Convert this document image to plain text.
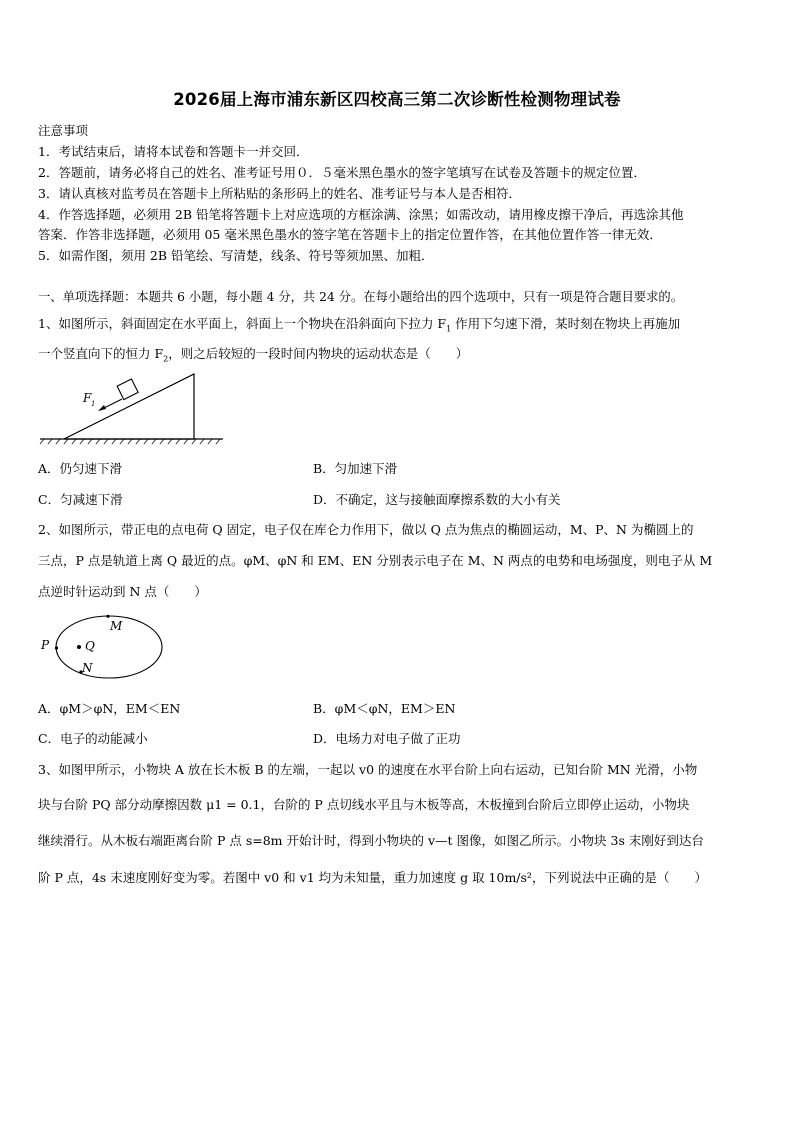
2026届上海市浦东新区四校高三第二次诊断性检测物理试卷
注意事项
1．考试结束后，请将本试卷和答题卡一并交回．
2．答题前，请务必将自己的姓名、准考证号用０．５毫米黑色墨水的签字笔填写在试卷及答题卡的规定位置．
3．请认真核对监考员在答题卡上所粘贴的条形码上的姓名、准考证号与本人是否相符．
4．作答选择题，必须用 2B 铅笔将答题卡上对应选项的方框涂满、涂黑；如需改动，请用橡皮擦干净后，再选涂其他
答案．作答非选择题，必须用 05 毫米黑色墨水的签字笔在答题卡上的指定位置作答，在其他位置作答一律无效．
5．如需作图，须用 2B 铅笔绘、写清楚，线条、符号等须加黑、加粗．
一、单项选择题：本题共 6 小题，每小题 4 分，共 24 分。在每小题给出的四个选项中，只有一项是符合题目要求的。
1、如图所示，斜面固定在水平面上，斜面上一个物块在沿斜面向下拉力 $F_1$ 作用下匀速下滑，某时刻在物块上再施加
一个竖直向下的恒力 $F_2$，则之后较短的一段时间内物块的运动状态是（　　）
F 1
A．仍匀速下滑	B．匀加速下滑
C．匀减速下滑	D．不确定，这与接触面摩擦系数的大小有关
2、如图所示，带正电的点电荷 Q 固定，电子仅在库仑力作用下，做以 Q 点为焦点的椭圆运动，M、P、N 为椭圆上的
三点，P 点是轨道上离 Q 最近的点。φM、φN 和 EM、EN 分别表示电子在 M、N 两点的电势和电场强度，则电子从 M
点逆时针运动到 N 点（　　）
P	Q
M
N
A．φM＞φN，EM＜EN	B．φM＜φN，EM＞EN
C．电子的动能减小	D．电场力对电子做了正功
3、如图甲所示，小物块 A 放在长木板 B 的左端，一起以 v0 的速度在水平台阶上向右运动，已知台阶 MN 光滑，小物
块与台阶 PQ 部分动摩擦因数 μ1 = 0.1，台阶的 P 点切线水平且与木板等高，木板撞到台阶后立即停止运动，小物块
继续滑行。从木板右端距离台阶 P 点 s=8m 开始计时，得到小物块的 v—t 图像，如图乙所示。小物块 3s 末刚好到达台
阶 P 点，4s 末速度刚好变为零。若图中 v0 和 v1 均为未知量，重力加速度 g 取 10m/s²，下列说法中正确的是（　　）
